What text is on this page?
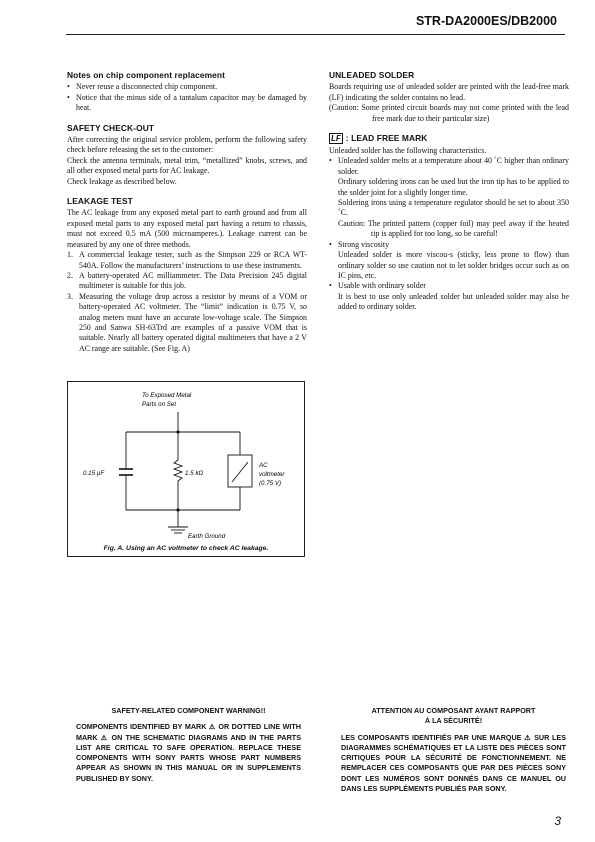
STR-DA2000ES/DB2000
Notes on chip component replacement
• Never reuse a disconnected chip component.
• Notice that the minus side of a tantalum capacitor may be damaged by heat.
SAFETY CHECK-OUT

After correcting the original service problem, perform the following safety check before releasing the set to the customer:

Check the antenna terminals, metal trim, “metallized” knobs, screws, and all other exposed metal parts for AC leakage.

Check leakage as described below.

LEAKAGE TEST

The AC leakage from any exposed metal part to earth ground and from all exposed metal parts to any exposed metal part having a return to chassis, must not exceed 0.5 mA (500 microamperes.). Leakage current can be measured by any one of three methods.

1. A commercial leakage tester, such as the Simpson 229 or RCA WT-540A. Follow the manufacturers’ instructions to use these instruments.
2. A battery-operated AC milliammeter. The Data Precision 245 digital multimeter is suitable for this job.
3. Measuring the voltage drop across a resistor by means of a VOM or battery-operated AC voltmeter. The “limit” indication is 0.75 V, so analog meters must have an accurate low-voltage scale. The Simpson 250 and Sanwa SH-63Trd are examples of a passive VOM that is suitable. Nearly all battery operated digital multimeters that have a 2 V AC range are suitable. (See Fig. A)
To Exposed Metal
Parts on Set
0.15 µF	1.5 kΩ
AC
voltmeter
(0.75 V)
Earth Ground
Fig. A. Using an AC voltmeter to check AC leakage.
UNLEADED SOLDER

Boards requiring use of unleaded solder are printed with the lead-free mark (LF) indicating the solder contains no lead.

(Caution: Some printed circuit boards may not come printed with the lead free mark due to their particular size)

LF : LEAD FREE MARK

Unleaded solder has the following characteristics.

• Unleaded solder melts at a temperature about 40 ˚C higher than ordinary solder.

Ordinary soldering irons can be used but the iron tip has to be applied to the solder joint for a slightly longer time.

Soldering irons using a temperature regulator should be set to about 350 ˚C.

Caution: The printed pattern (copper foil) may peel away if the heated tip is applied for too long, so be careful!

• Strong viscosity

Unleaded solder is more viscou-s (sticky, less prone to flow) than ordinary solder so use caution not to let solder bridges occur such as on IC pins, etc.

• Usable with ordinary solder

It is best to use only unleaded solder but unleaded solder may also be added to ordinary solder.

SAFETY-RELATED COMPONENT WARNING!!

COMPONENTS IDENTIFIED BY MARK ⚠ OR DOTTED LINE WITH MARK ⚠ ON THE SCHEMATIC DIAGRAMS AND IN THE PARTS LIST ARE CRITICAL TO SAFE OPERATION. REPLACE THESE COMPONENTS WITH SONY PARTS WHOSE PART NUMBERS APPEAR AS SHOWN IN THIS MANUAL OR IN SUPPLEMENTS PUBLISHED BY SONY.

ATTENTION AU COMPOSANT AYANT RAPPORT
À LA SÉCURITÉ!

LES COMPOSANTS IDENTIFIÉS PAR UNE MARQUE ⚠ SUR LES DIAGRAMMES SCHÉMATIQUES ET LA LISTE DES PIÈCES SONT CRITIQUES POUR LA SÉCURITÉ DE FONCTIONNEMENT. NE REMPLACER CES COMPOSANTS QUE PAR DES PIÈCES SONY DONT LES NUMÉROS SONT DONNÉS DANS CE MANUEL OU DANS LES SUPPLÉMENTS PUBLIÉS PAR SONY.

3
